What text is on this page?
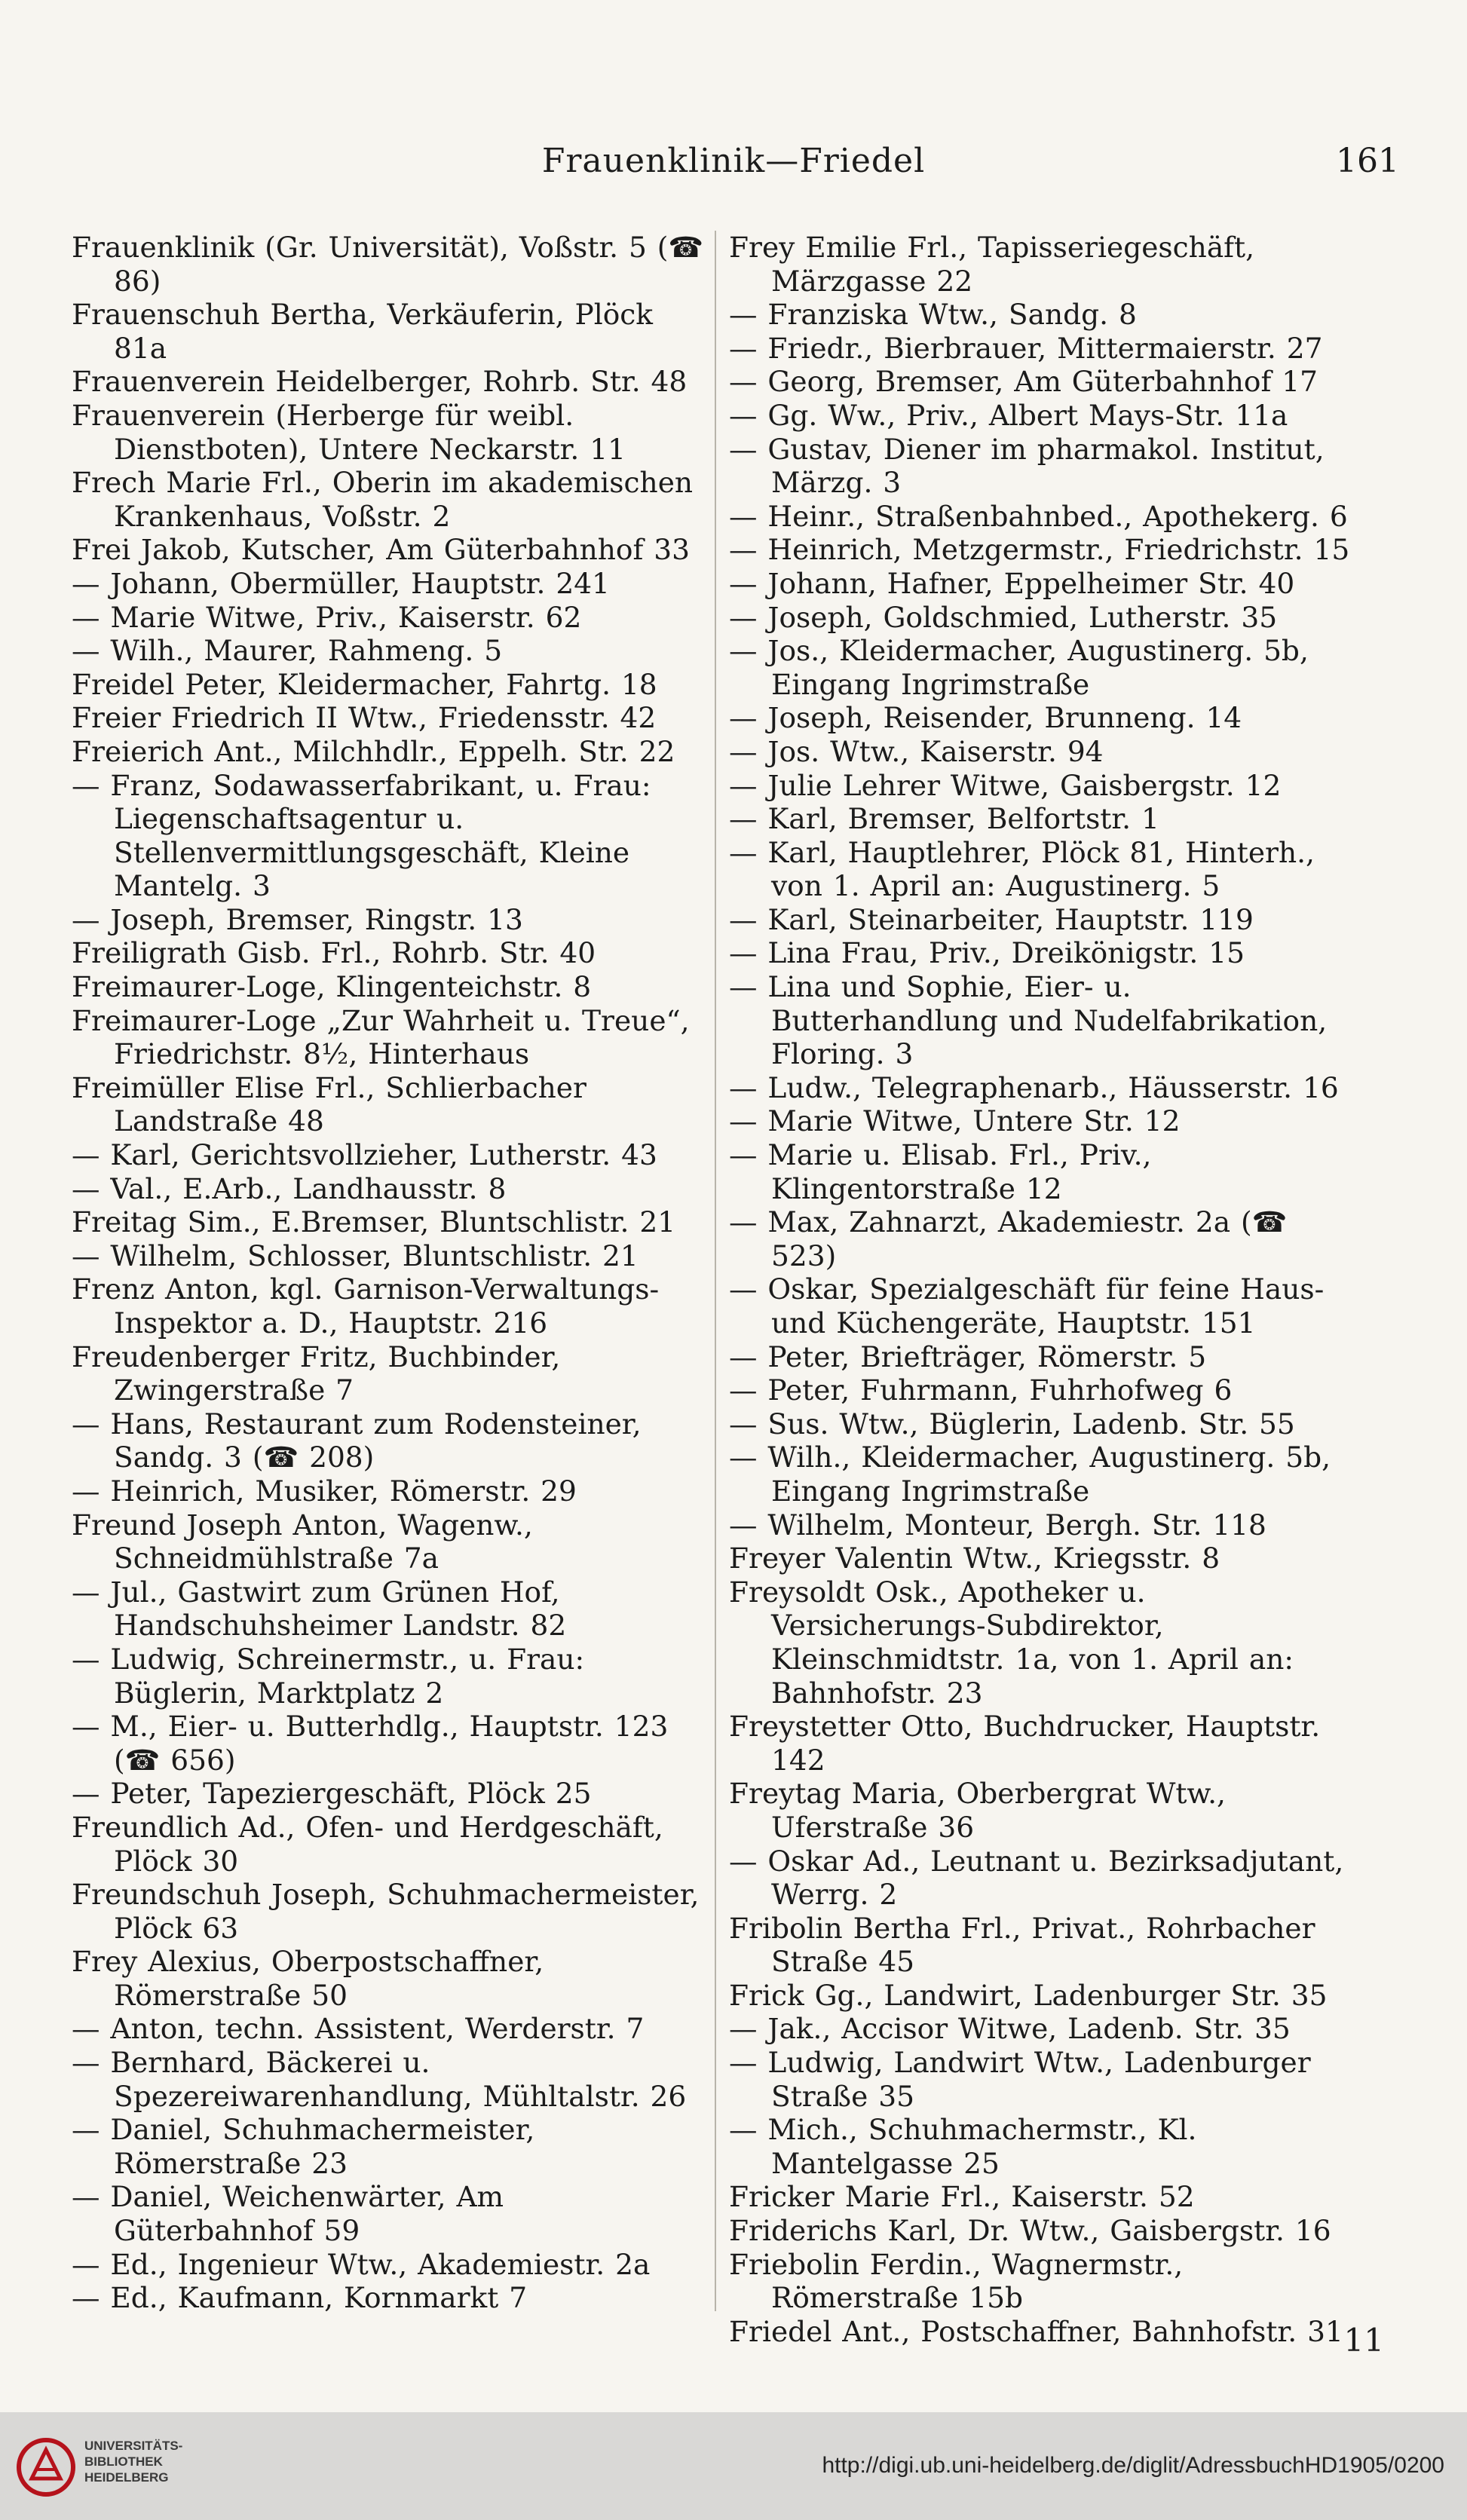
Frauenklinik—Friedel	161
Frauenklinik (Gr. Universität), Voßstr. 5 (☎ 86)
Frauenschuh Bertha, Verkäuferin, Plöck 81a
Frauenverein Heidelberger, Rohrb. Str. 48
Frauenverein (Herberge für weibl. Dienstboten), Untere Neckarstr. 11
Frech Marie Frl., Oberin im akademischen Krankenhaus, Voßstr. 2
Frei Jakob, Kutscher, Am Güterbahnhof 33
— Johann, Obermüller, Hauptstr. 241
— Marie Witwe, Priv., Kaiserstr. 62
— Wilh., Maurer, Rahmeng. 5
Freidel Peter, Kleidermacher, Fahrtg. 18
Freier Friedrich II Wtw., Friedensstr. 42
Freierich Ant., Milchhdlr., Eppelh. Str. 22
— Franz, Sodawasserfabrikant, u. Frau: Liegenschaftsagentur u. Stellenvermittlungsgeschäft, Kleine Mantelg. 3
— Joseph, Bremser, Ringstr. 13
Freiligrath Gisb. Frl., Rohrb. Str. 40
Freimaurer-Loge, Klingenteichstr. 8
Freimaurer-Loge „Zur Wahrheit u. Treue“, Friedrichstr. 8½, Hinterhaus
Freimüller Elise Frl., Schlierbacher Landstraße 48
— Karl, Gerichtsvollzieher, Lutherstr. 43
— Val., E.Arb., Landhausstr. 8
Freitag Sim., E.Bremser, Bluntschlistr. 21
— Wilhelm, Schlosser, Bluntschlistr. 21
Frenz Anton, kgl. Garnison-Verwaltungs-Inspektor a. D., Hauptstr. 216
Freudenberger Fritz, Buchbinder, Zwingerstraße 7
— Hans, Restaurant zum Rodensteiner, Sandg. 3 (☎ 208)
— Heinrich, Musiker, Römerstr. 29
Freund Joseph Anton, Wagenw., Schneidmühlstraße 7a
— Jul., Gastwirt zum Grünen Hof, Handschuhsheimer Landstr. 82
— Ludwig, Schreinermstr., u. Frau: Büglerin, Marktplatz 2
— M., Eier- u. Butterhdlg., Hauptstr. 123 (☎ 656)
— Peter, Tapeziergeschäft, Plöck 25
Freundlich Ad., Ofen- und Herdgeschäft, Plöck 30
Freundschuh Joseph, Schuhmachermeister, Plöck 63
Frey Alexius, Oberpostschaffner, Römerstraße 50
— Anton, techn. Assistent, Werderstr. 7
— Bernhard, Bäckerei u. Spezereiwarenhandlung, Mühltalstr. 26
— Daniel, Schuhmachermeister, Römerstraße 23
— Daniel, Weichenwärter, Am Güterbahnhof 59
— Ed., Ingenieur Wtw., Akademiestr. 2a
— Ed., Kaufmann, Kornmarkt 7
Frey Emilie Frl., Tapisseriegeschäft, Märzgasse 22
— Franziska Wtw., Sandg. 8
— Friedr., Bierbrauer, Mittermaierstr. 27
— Georg, Bremser, Am Güterbahnhof 17
— Gg. Ww., Priv., Albert Mays-Str. 11a
— Gustav, Diener im pharmakol. Institut, Märzg. 3
— Heinr., Straßenbahnbed., Apothekerg. 6
— Heinrich, Metzgermstr., Friedrichstr. 15
— Johann, Hafner, Eppelheimer Str. 40
— Joseph, Goldschmied, Lutherstr. 35
— Jos., Kleidermacher, Augustinerg. 5b, Eingang Ingrimstraße
— Joseph, Reisender, Brunneng. 14
— Jos. Wtw., Kaiserstr. 94
— Julie Lehrer Witwe, Gaisbergstr. 12
— Karl, Bremser, Belfortstr. 1
— Karl, Hauptlehrer, Plöck 81, Hinterh., von 1. April an: Augustinerg. 5
— Karl, Steinarbeiter, Hauptstr. 119
— Lina Frau, Priv., Dreikönigstr. 15
— Lina und Sophie, Eier- u. Butterhandlung und Nudelfabrikation, Floring. 3
— Ludw., Telegraphenarb., Häusserstr. 16
— Marie Witwe, Untere Str. 12
— Marie u. Elisab. Frl., Priv., Klingentorstraße 12
— Max, Zahnarzt, Akademiestr. 2a (☎ 523)
— Oskar, Spezialgeschäft für feine Haus- und Küchengeräte, Hauptstr. 151
— Peter, Briefträger, Römerstr. 5
— Peter, Fuhrmann, Fuhrhofweg 6
— Sus. Wtw., Büglerin, Ladenb. Str. 55
— Wilh., Kleidermacher, Augustinerg. 5b, Eingang Ingrimstraße
— Wilhelm, Monteur, Bergh. Str. 118
Freyer Valentin Wtw., Kriegsstr. 8
Freysoldt Osk., Apotheker u. Versicherungs-Subdirektor, Kleinschmidtstr. 1a, von 1. April an: Bahnhofstr. 23
Freystetter Otto, Buchdrucker, Hauptstr. 142
Freytag Maria, Oberbergrat Wtw., Uferstraße 36
— Oskar Ad., Leutnant u. Bezirksadjutant, Werrg. 2
Fribolin Bertha Frl., Privat., Rohrbacher Straße 45
Frick Gg., Landwirt, Ladenburger Str. 35
— Jak., Accisor Witwe, Ladenb. Str. 35
— Ludwig, Landwirt Wtw., Ladenburger Straße 35
— Mich., Schuhmachermstr., Kl. Mantelgasse 25
Fricker Marie Frl., Kaiserstr. 52
Friderichs Karl, Dr. Wtw., Gaisbergstr. 16
Friebolin Ferdin., Wagnermstr., Römerstraße 15b
Friedel Ant., Postschaffner, Bahnhofstr. 31 11
UNIVERSITÄTS-
BIBLIOTHEK
HEIDELBERG	http://digi.ub.uni-heidelberg.de/diglit/AdressbuchHD1905/0200
